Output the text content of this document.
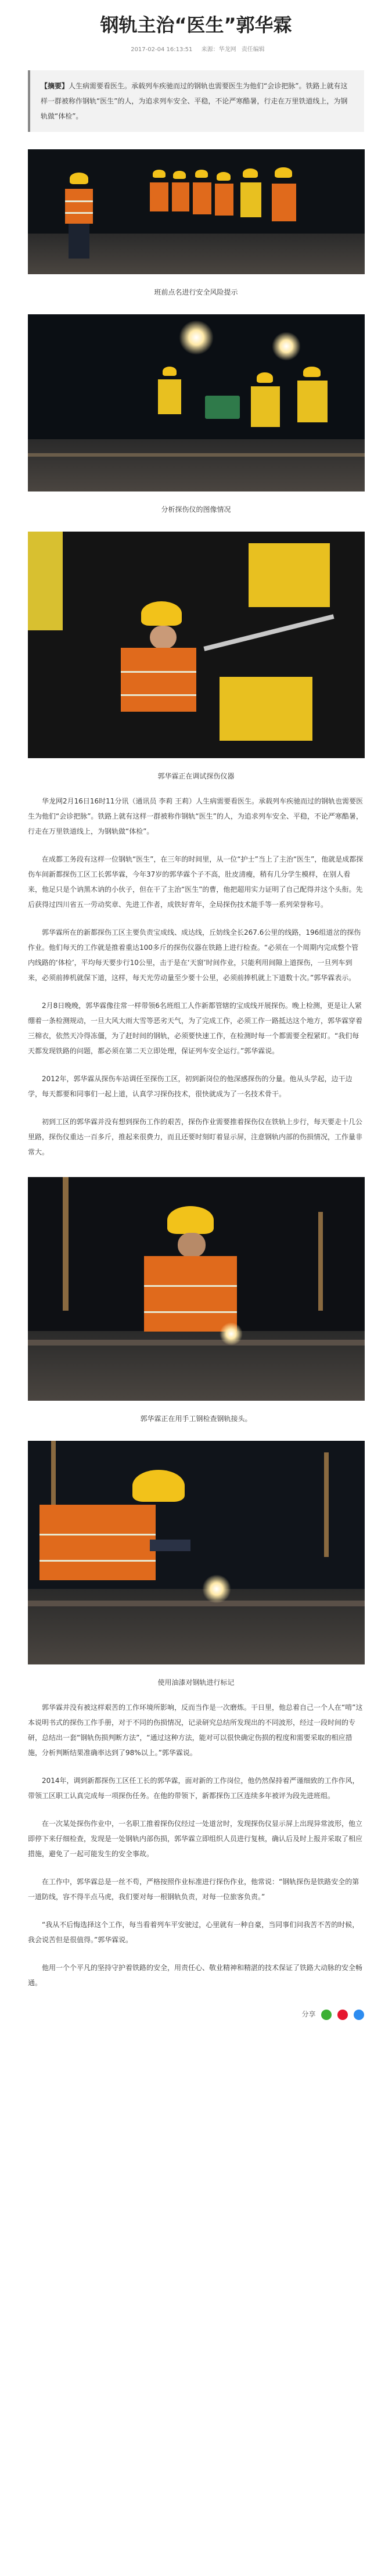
钢轨主治“医生”郭华霖
2017-02-04 16:13:51 来源：华龙网 责任编辑
【摘要】人生病需要看医生。承载列车疾驰而过的钢轨也需要医生为他们“会诊把脉”。铁路上就有这样一群被称作钢轨“医生”的人，为追求列车安全、平稳，不论严寒酷暑，行走在万里铁道线上，为钢轨做“体检”。
班前点名进行安全风险提示
分析探伤仪的图像情况
郭华霖正在调试探伤仪器

华龙网2月16日16时11分讯（通讯员 李莉 王莉）人生病需要看医生。承载列车疾驰而过的钢轨也需要医生为他们“会诊把脉”。铁路上就有这样一群被称作钢轨“医生”的人，为追求列车安全、平稳，不论严寒酷暑，行走在万里铁道线上，为钢轨做“体检”。

在成都工务段有这样一位钢轨“医生”，在三年的时间里，从一位“护士”当上了主治“医生”，他就是成都探伤车间新都探伤工区工长郭华霖，今年37岁的郭华霖个子不高，肚皮清瘦，稍有几分学生模样，在别人看来，他足只是个讷黑木讷的小伙子，但在干了主治“医生”的曹，他把超用实力证明了自己配得并这个头衔。先后获得过四川省五一劳动奖章、先进工作者，成铁好青年，全局探伤技术能手等一系列荣誉称号。

郭华霖所在的新都探伤工区主要负责宝成线、成达线，丘妨线全长267.6公里的线路，196组道岔的探伤作业。他们每天的工作就是推着重达100多斤的探伤仪器在铁路上进行检查。“必须在一个周期内完成整个管内线路的‘体检’，平均每天要步行10公里，击于是在‘天窗’时间作业，只能利用间隙上道探伤，一旦列车到来，必须前捧机就保下道，这样，每天光劳动量至少要十公里，必须前捧机就上下道数十次。”郭华霖表示。

2月8日晚晚，郭华霖像往常一样带领6名班组工人作新都管辖的宝成线开展探伤。晚上检测，更是让人紧绷着一条检测规动，一旦大风大雨大雪等恶劣天气，为了完成工作，必须工作一路抵达这个地方，郭华霖穿着三棉衣，依然天冷得冻僵，为了赶时间的钢轨，必须要快速工作，在检测时每一个都需要全程紧盯。“我们每天都发现铁路的问题，都必须在第二天立即处理，保证列车安全运行。”郭华霖说。

2012年，郭华霖从探伤车站调任至探伤工区，初到新岗位的他深感探伤的分量。他从头学起，边干边学，每天都要和同事们一起上道，认真学习探伤技术，很快就成为了一名技术骨干。

初到工区的郭华霖并没有想到探伤工作的艰苦，探伤作业需要推着探伤仪在铁轨上步行，每天要走十几公里路，探伤仪重达一百多斤，推起来很费力，而且还要时刻盯着显示屏，注意钢轨内部的伤损情况，工作量非常大。

郭华霖正在用手工钢检查钢轨接头。
使用油漆对钢轨进行标记

郭华霖并没有被这样艰苦的工作环境所影响，反而当作是一次磨炼。干日里，他总着自己一个人在“啃”这本说明书式的探伤工作手册，对于不同的伤损情况，记录研究总结所发现出的不同波形，经过一段时间的专研，总结出一套“钢轨伤损判断方法”，“通过这种方法，能对可以很快确定伤损的程度和需要采取的相应措施，分析判断结果准确率达到了98%以上。”郭华霖说。

2014年，调到新都探伤工区任工长的郭华霖，面对新的工作岗位，他仍然保持着严谨细致的工作作风，带领工区职工认真完成每一项探伤任务。在他的带领下，新都探伤工区连续多年被评为段先进班组。

在一次某处探伤作业中，一名职工推着探伤仪经过一处道岔时，发现探伤仪显示屏上出现异常波形，他立即停下来仔细检查，发现是一处钢轨内部伤损，郭华霖立即组织人员进行复核，确认后及时上报并采取了相应措施，避免了一起可能发生的安全事故。

在工作中，郭华霖总是一丝不苟，严格按照作业标准进行探伤作业，他常说：“钢轨探伤是铁路安全的第一道防线，容不得半点马虎，我们要对每一根钢轨负责，对每一位旅客负责。”

“我从不后悔选择这个工作，每当看着列车平安驶过，心里就有一种自豪，当同事们问我苦不苦的时候，我会说苦但是很值得。”郭华霖说。

他用一个个平凡的坚持守护着铁路的安全，用责任心、敬业精神和精湛的技术保证了铁路大动脉的安全畅通。

分享
